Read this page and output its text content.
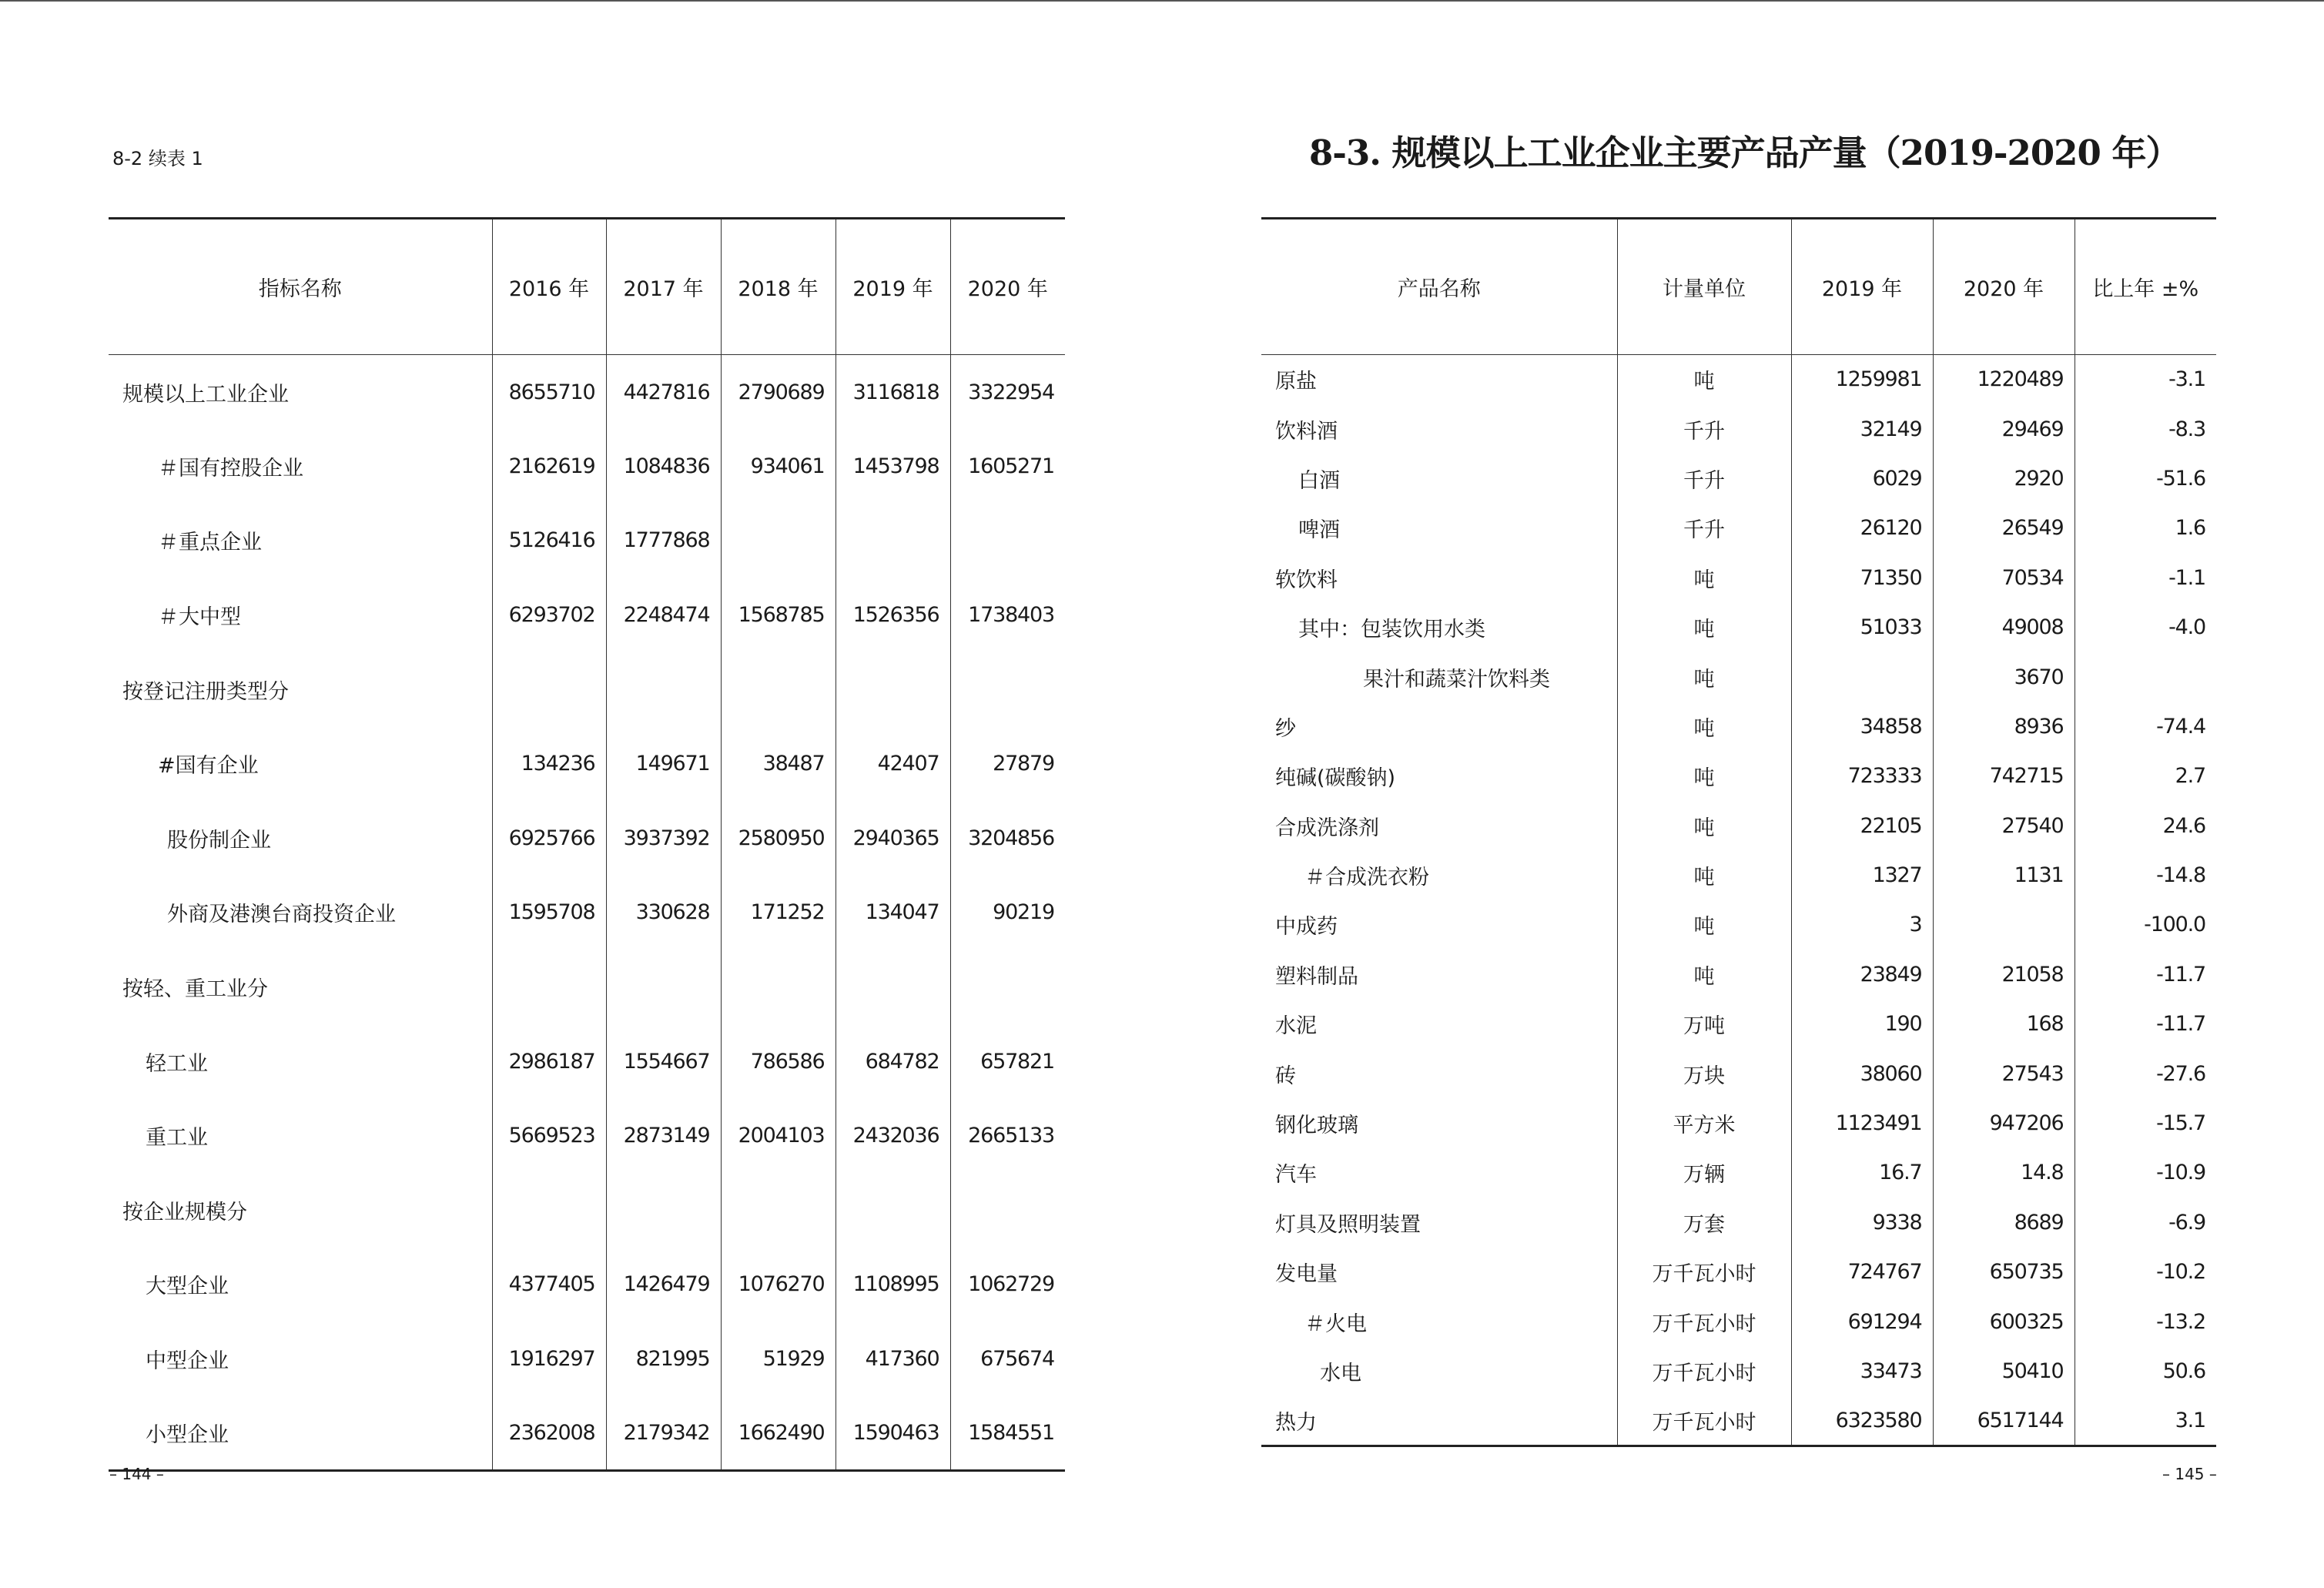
8-2 续表 1
指标名称	2016 年	2017 年	2018 年	2019 年	2020 年
规模以上工业企业	8655710	4427816	2790689	3116818	3322954
＃国有控股企业	2162619	1084836	934061	1453798	1605271
＃重点企业	5126416	1777868			
＃大中型	6293702	2248474	1568785	1526356	1738403
按登记注册类型分					
#国有企业	134236	149671	38487	42407	27879
股份制企业	6925766	3937392	2580950	2940365	3204856
外商及港澳台商投资企业	1595708	330628	171252	134047	90219
按轻、重工业分					
轻工业	2986187	1554667	786586	684782	657821
重工业	5669523	2873149	2004103	2432036	2665133
按企业规模分					
大型企业	4377405	1426479	1076270	1108995	1062729
中型企业	1916297	821995	51929	417360	675674
小型企业	2362008	2179342	1662490	1590463	1584551
– 144 –
8-3. 规模以上工业企业主要产品产量（2019-2020 年）
产品名称	计量单位	2019 年	2020 年	比上年 ±%
原盐	吨	1259981	1220489	-3.1
饮料酒	千升	32149	29469	-8.3
白酒	千升	6029	2920	-51.6
啤酒	千升	26120	26549	1.6
软饮料	吨	71350	70534	-1.1
其中：包装饮用水类	吨	51033	49008	-4.0
果汁和蔬菜汁饮料类	吨		3670	
纱	吨	34858	8936	-74.4
纯碱(碳酸钠)	吨	723333	742715	2.7
合成洗涤剂	吨	22105	27540	24.6
＃合成洗衣粉	吨	1327	1131	-14.8
中成药	吨	3		-100.0
塑料制品	吨	23849	21058	-11.7
水泥	万吨	190	168	-11.7
砖	万块	38060	27543	-27.6
钢化玻璃	平方米	1123491	947206	-15.7
汽车	万辆	16.7	14.8	-10.9
灯具及照明装置	万套	9338	8689	-6.9
发电量	万千瓦小时	724767	650735	-10.2
＃火电	万千瓦小时	691294	600325	-13.2
水电	万千瓦小时	33473	50410	50.6
热力	万千瓦小时	6323580	6517144	3.1
– 145 –
